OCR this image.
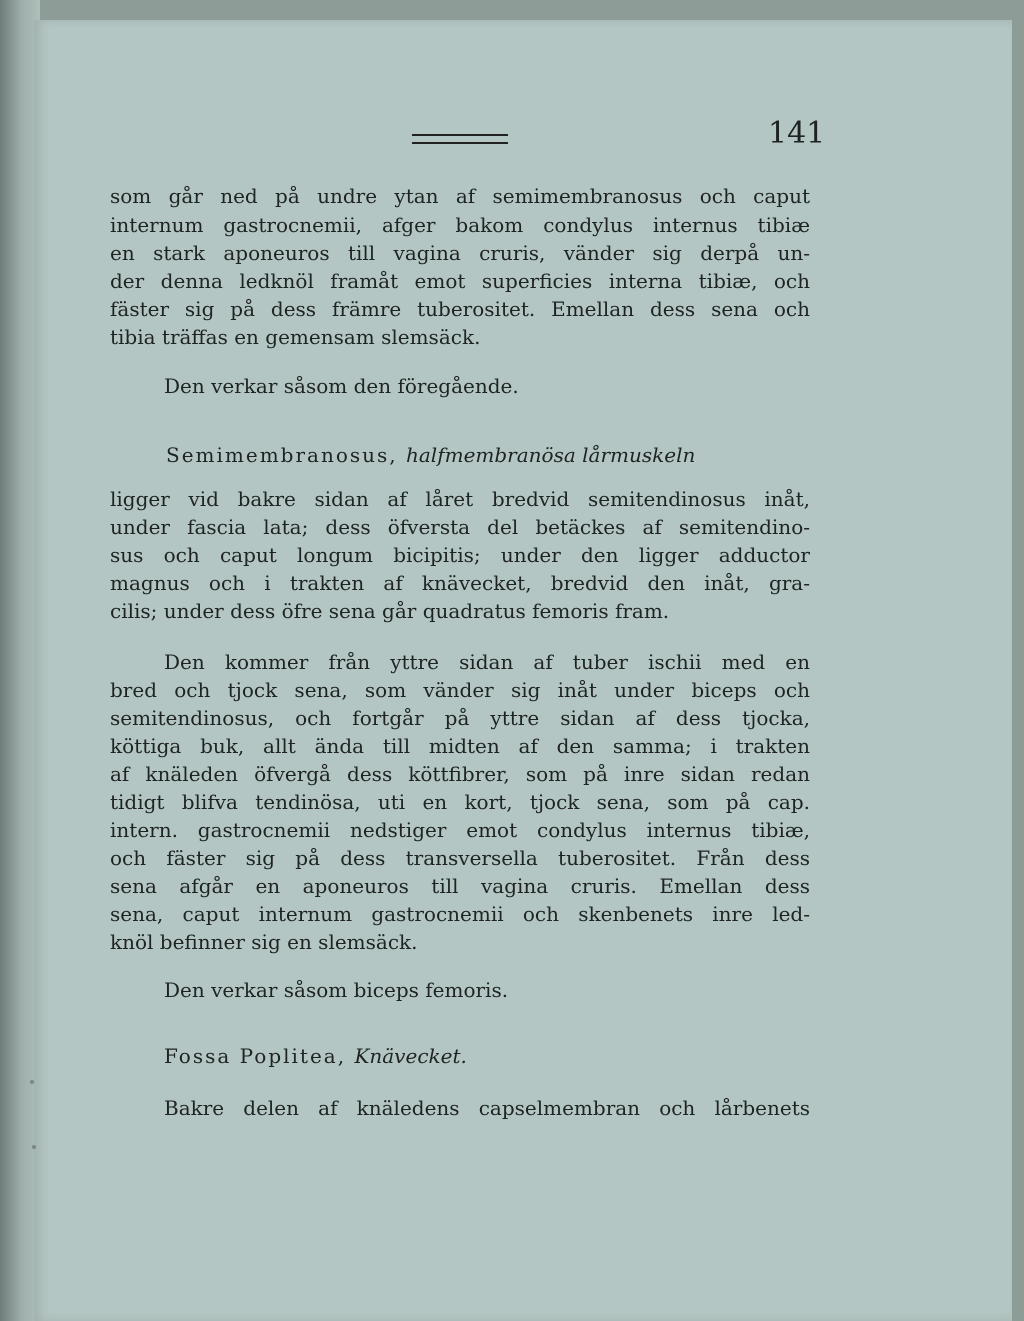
141
som går ned på undre ytan af semimembranosus och caput
internum gastrocnemii, afger bakom condylus internus tibiæ
en stark aponeuros till vagina cruris, vänder sig derpå un-
der denna ledknöl framåt emot superficies interna tibiæ, och
fäster sig på dess främre tuberositet. Emellan dess sena och
tibia träffas en gemensam slemsäck.
Den verkar såsom den föregående.
Semimembranosus, halfmembranösa lårmuskeln
ligger vid bakre sidan af låret bredvid semitendinosus inåt,
under fascia lata; dess öfversta del betäckes af semitendino-
sus och caput longum bicipitis; under den ligger adductor
magnus och i trakten af knävecket, bredvid den inåt, gra-
cilis; under dess öfre sena går quadratus femoris fram.
Den kommer från yttre sidan af tuber ischii med en
bred och tjock sena, som vänder sig inåt under biceps och
semitendinosus, och fortgår på yttre sidan af dess tjocka,
köttiga buk, allt ända till midten af den samma; i trakten
af knäleden öfvergå dess köttfibrer, som på inre sidan redan
tidigt blifva tendinösa, uti en kort, tjock sena, som på cap.
intern. gastrocnemii nedstiger emot condylus internus tibiæ,
och fäster sig på dess transversella tuberositet. Från dess
sena afgår en aponeuros till vagina cruris. Emellan dess
sena, caput internum gastrocnemii och skenbenets inre led-
knöl befinner sig en slemsäck.
Den verkar såsom biceps femoris.
Fossa Poplitea, Knävecket.
Bakre delen af knäledens capselmembran och lårbenets
